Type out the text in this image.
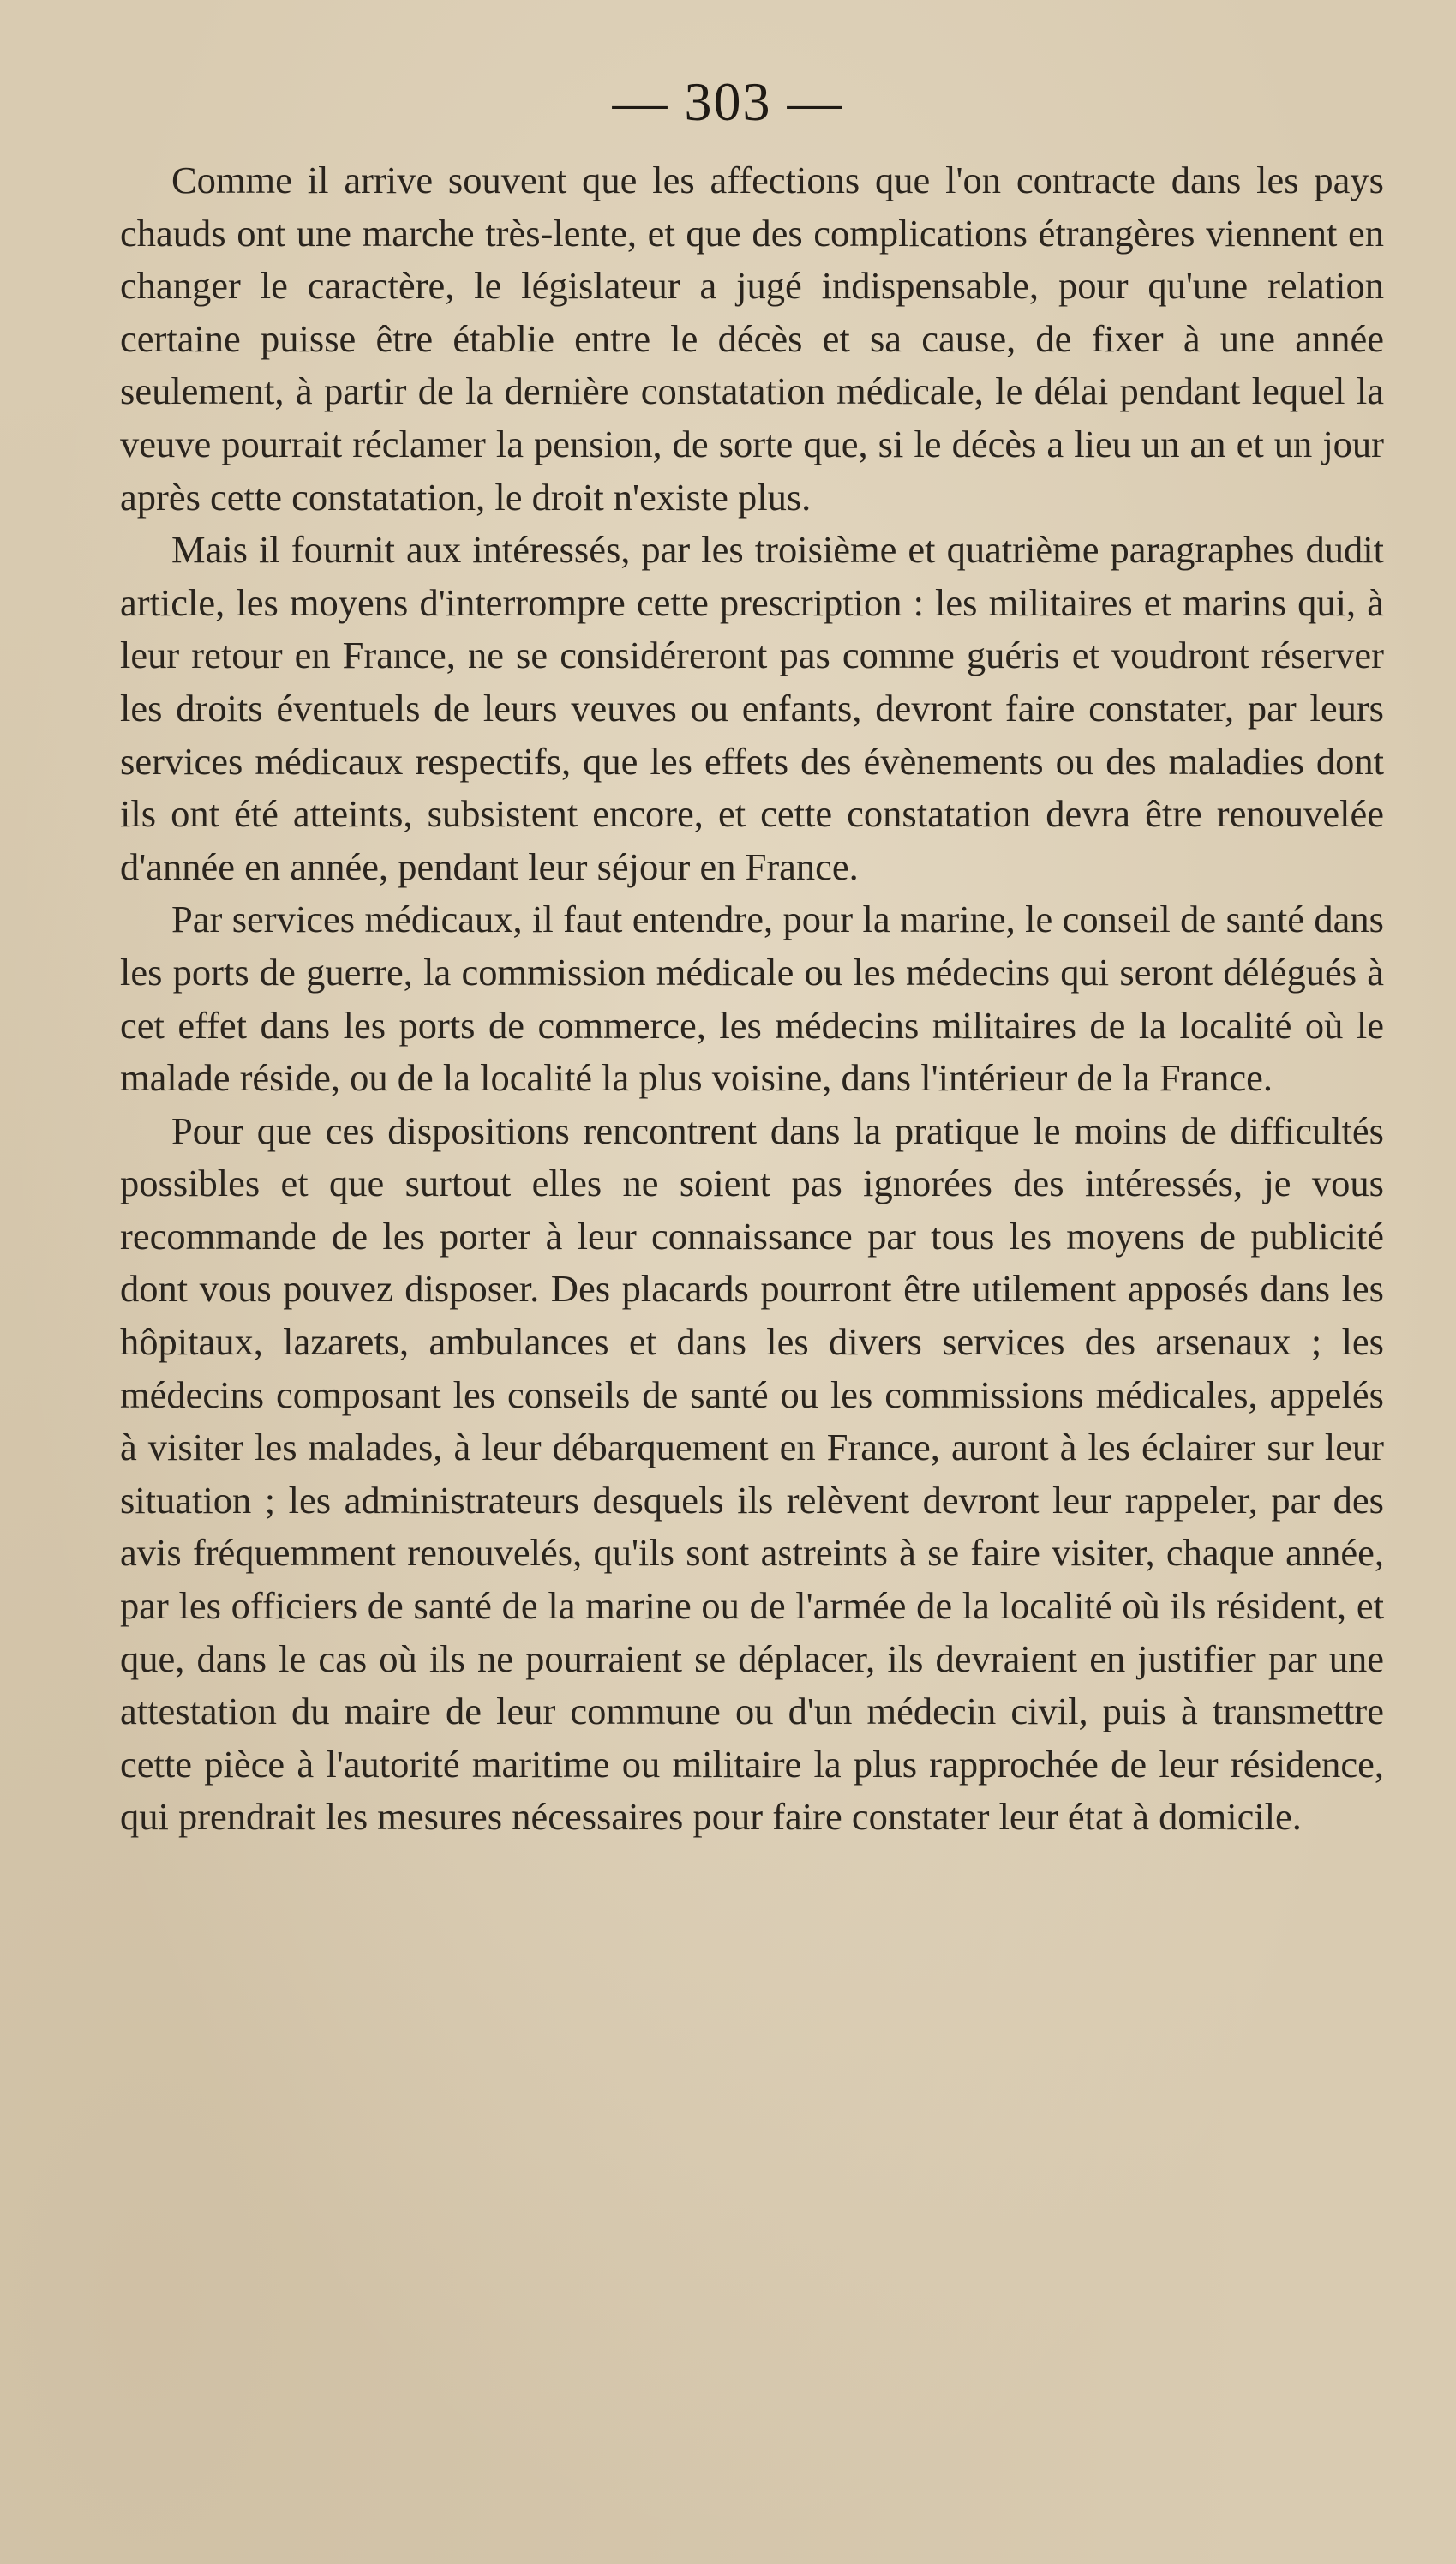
— 303 —

Comme il arrive souvent que les affections que l'on contracte dans les pays chauds ont une marche très-lente, et que des complications étrangères viennent en changer le caractère, le législateur a jugé indispensable, pour qu'une relation certaine puisse être établie entre le décès et sa cause, de fixer à une année seulement, à partir de la dernière constatation médicale, le délai pendant lequel la veuve pourrait réclamer la pension, de sorte que, si le décès a lieu un an et un jour après cette constatation, le droit n'existe plus.

Mais il fournit aux intéressés, par les troisième et quatrième paragraphes dudit article, les moyens d'interrompre cette prescription : les militaires et marins qui, à leur retour en France, ne se considéreront pas comme guéris et voudront réserver les droits éventuels de leurs veuves ou enfants, devront faire constater, par leurs services médicaux respectifs, que les effets des évènements ou des maladies dont ils ont été atteints, subsistent encore, et cette constatation devra être renouvelée d'année en année, pendant leur séjour en France.

Par services médicaux, il faut entendre, pour la marine, le conseil de santé dans les ports de guerre, la commission médicale ou les médecins qui seront délégués à cet effet dans les ports de commerce, les médecins militaires de la localité où le malade réside, ou de la localité la plus voisine, dans l'intérieur de la France.

Pour que ces dispositions rencontrent dans la pratique le moins de difficultés possibles et que surtout elles ne soient pas ignorées des intéressés, je vous recommande de les porter à leur connaissance par tous les moyens de publicité dont vous pouvez disposer. Des placards pourront être utilement apposés dans les hôpitaux, lazarets, ambulances et dans les divers services des arsenaux ; les médecins composant les conseils de santé ou les commissions médicales, appelés à visiter les malades, à leur débarquement en France, auront à les éclairer sur leur situation ; les administrateurs desquels ils relèvent devront leur rappeler, par des avis fréquemment renouvelés, qu'ils sont astreints à se faire visiter, chaque année, par les officiers de santé de la marine ou de l'armée de la localité où ils résident, et que, dans le cas où ils ne pourraient se déplacer, ils devraient en justifier par une attestation du maire de leur commune ou d'un médecin civil, puis à transmettre cette pièce à l'autorité maritime ou militaire la plus rapprochée de leur résidence, qui prendrait les mesures nécessaires pour faire constater leur état à domicile.
